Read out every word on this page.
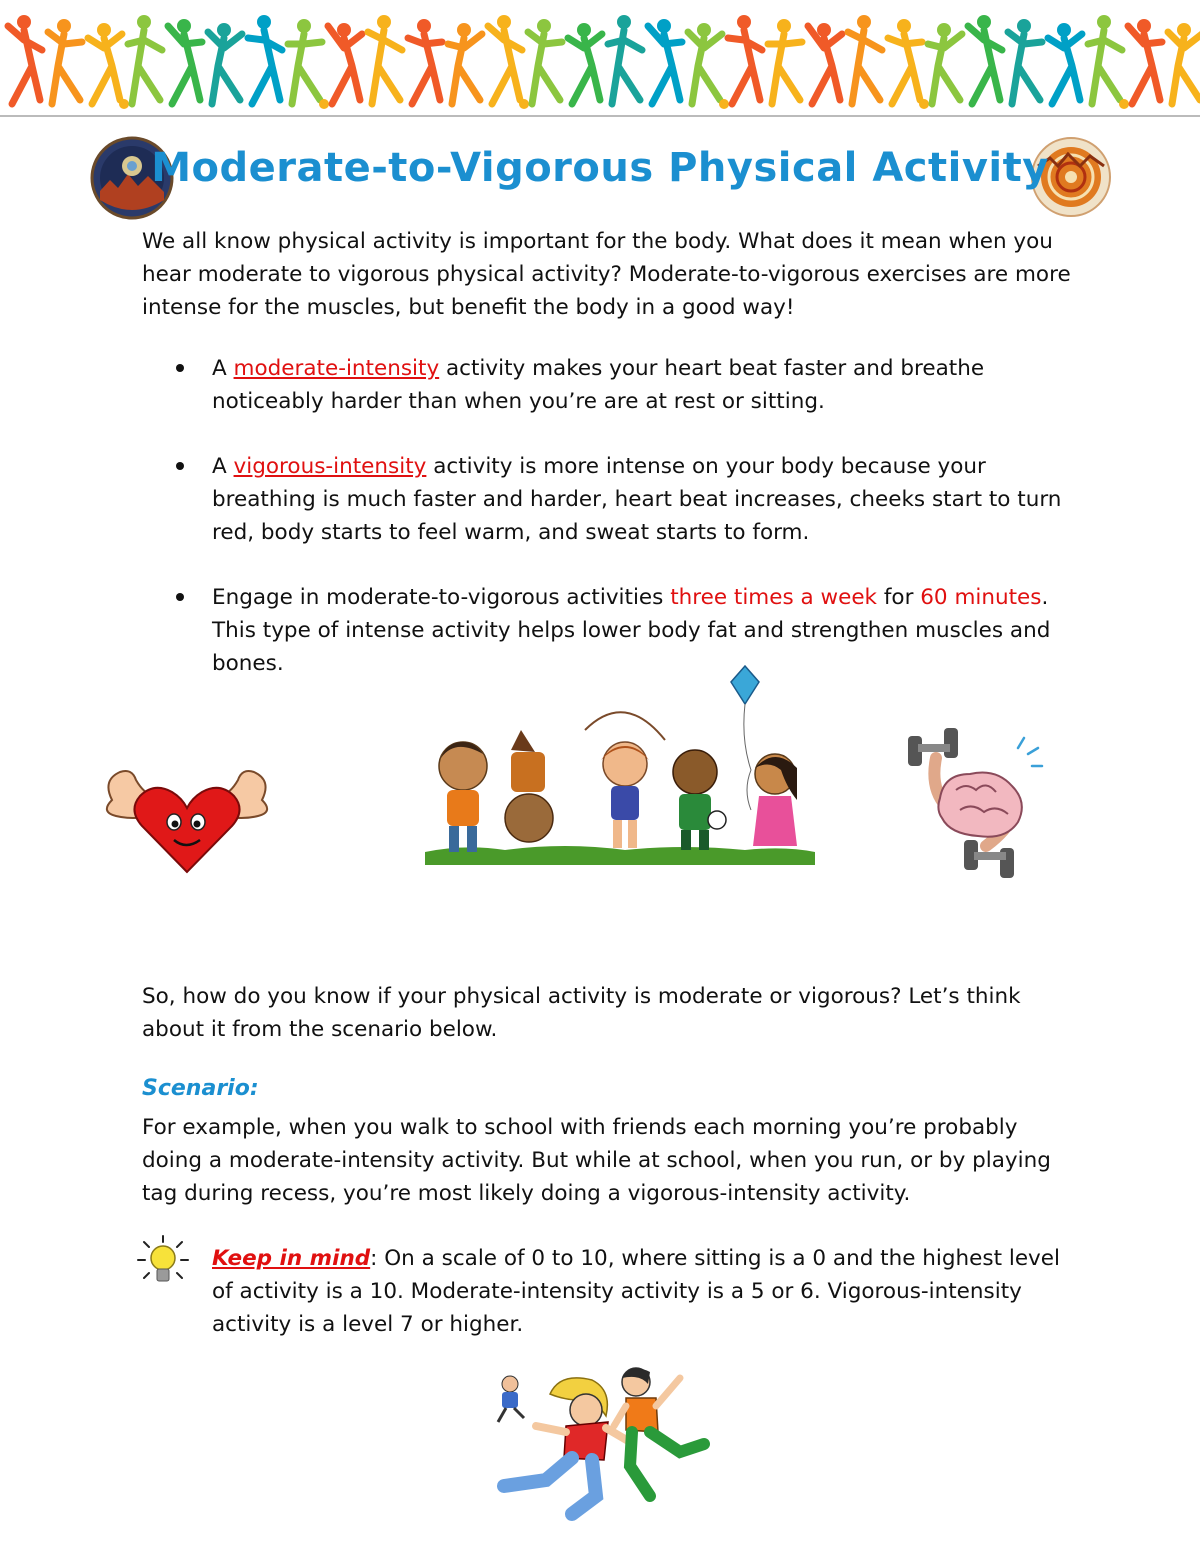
Moderate-to-Vigorous Physical Activity
We all know physical activity is important for the body. What does it mean when you hear moderate to vigorous physical activity? Moderate-to-vigorous exercises are more intense for the muscles, but benefit the body in a good way!
A moderate-intensity activity makes your heart beat faster and breathe noticeably harder than when you’re are at rest or sitting.
A vigorous-intensity activity is more intense on your body because your breathing is much faster and harder, heart beat increases, cheeks start to turn red, body starts to feel warm, and sweat starts to form.
Engage in moderate-to-vigorous activities three times a week for 60 minutes. This type of intense activity helps lower body fat and strengthen muscles and bones.
So, how do you know if your physical activity is moderate or vigorous? Let’s think about it from the scenario below.
Scenario:
For example, when you walk to school with friends each morning you’re probably doing a moderate-intensity activity. But while at school, when you run, or by playing tag during recess, you’re most likely doing a vigorous-intensity activity.
Keep in mind: On a scale of 0 to 10, where sitting is a 0 and the highest level of activity is a 10. Moderate-intensity activity is a 5 or 6. Vigorous-intensity activity is a level 7 or higher.
